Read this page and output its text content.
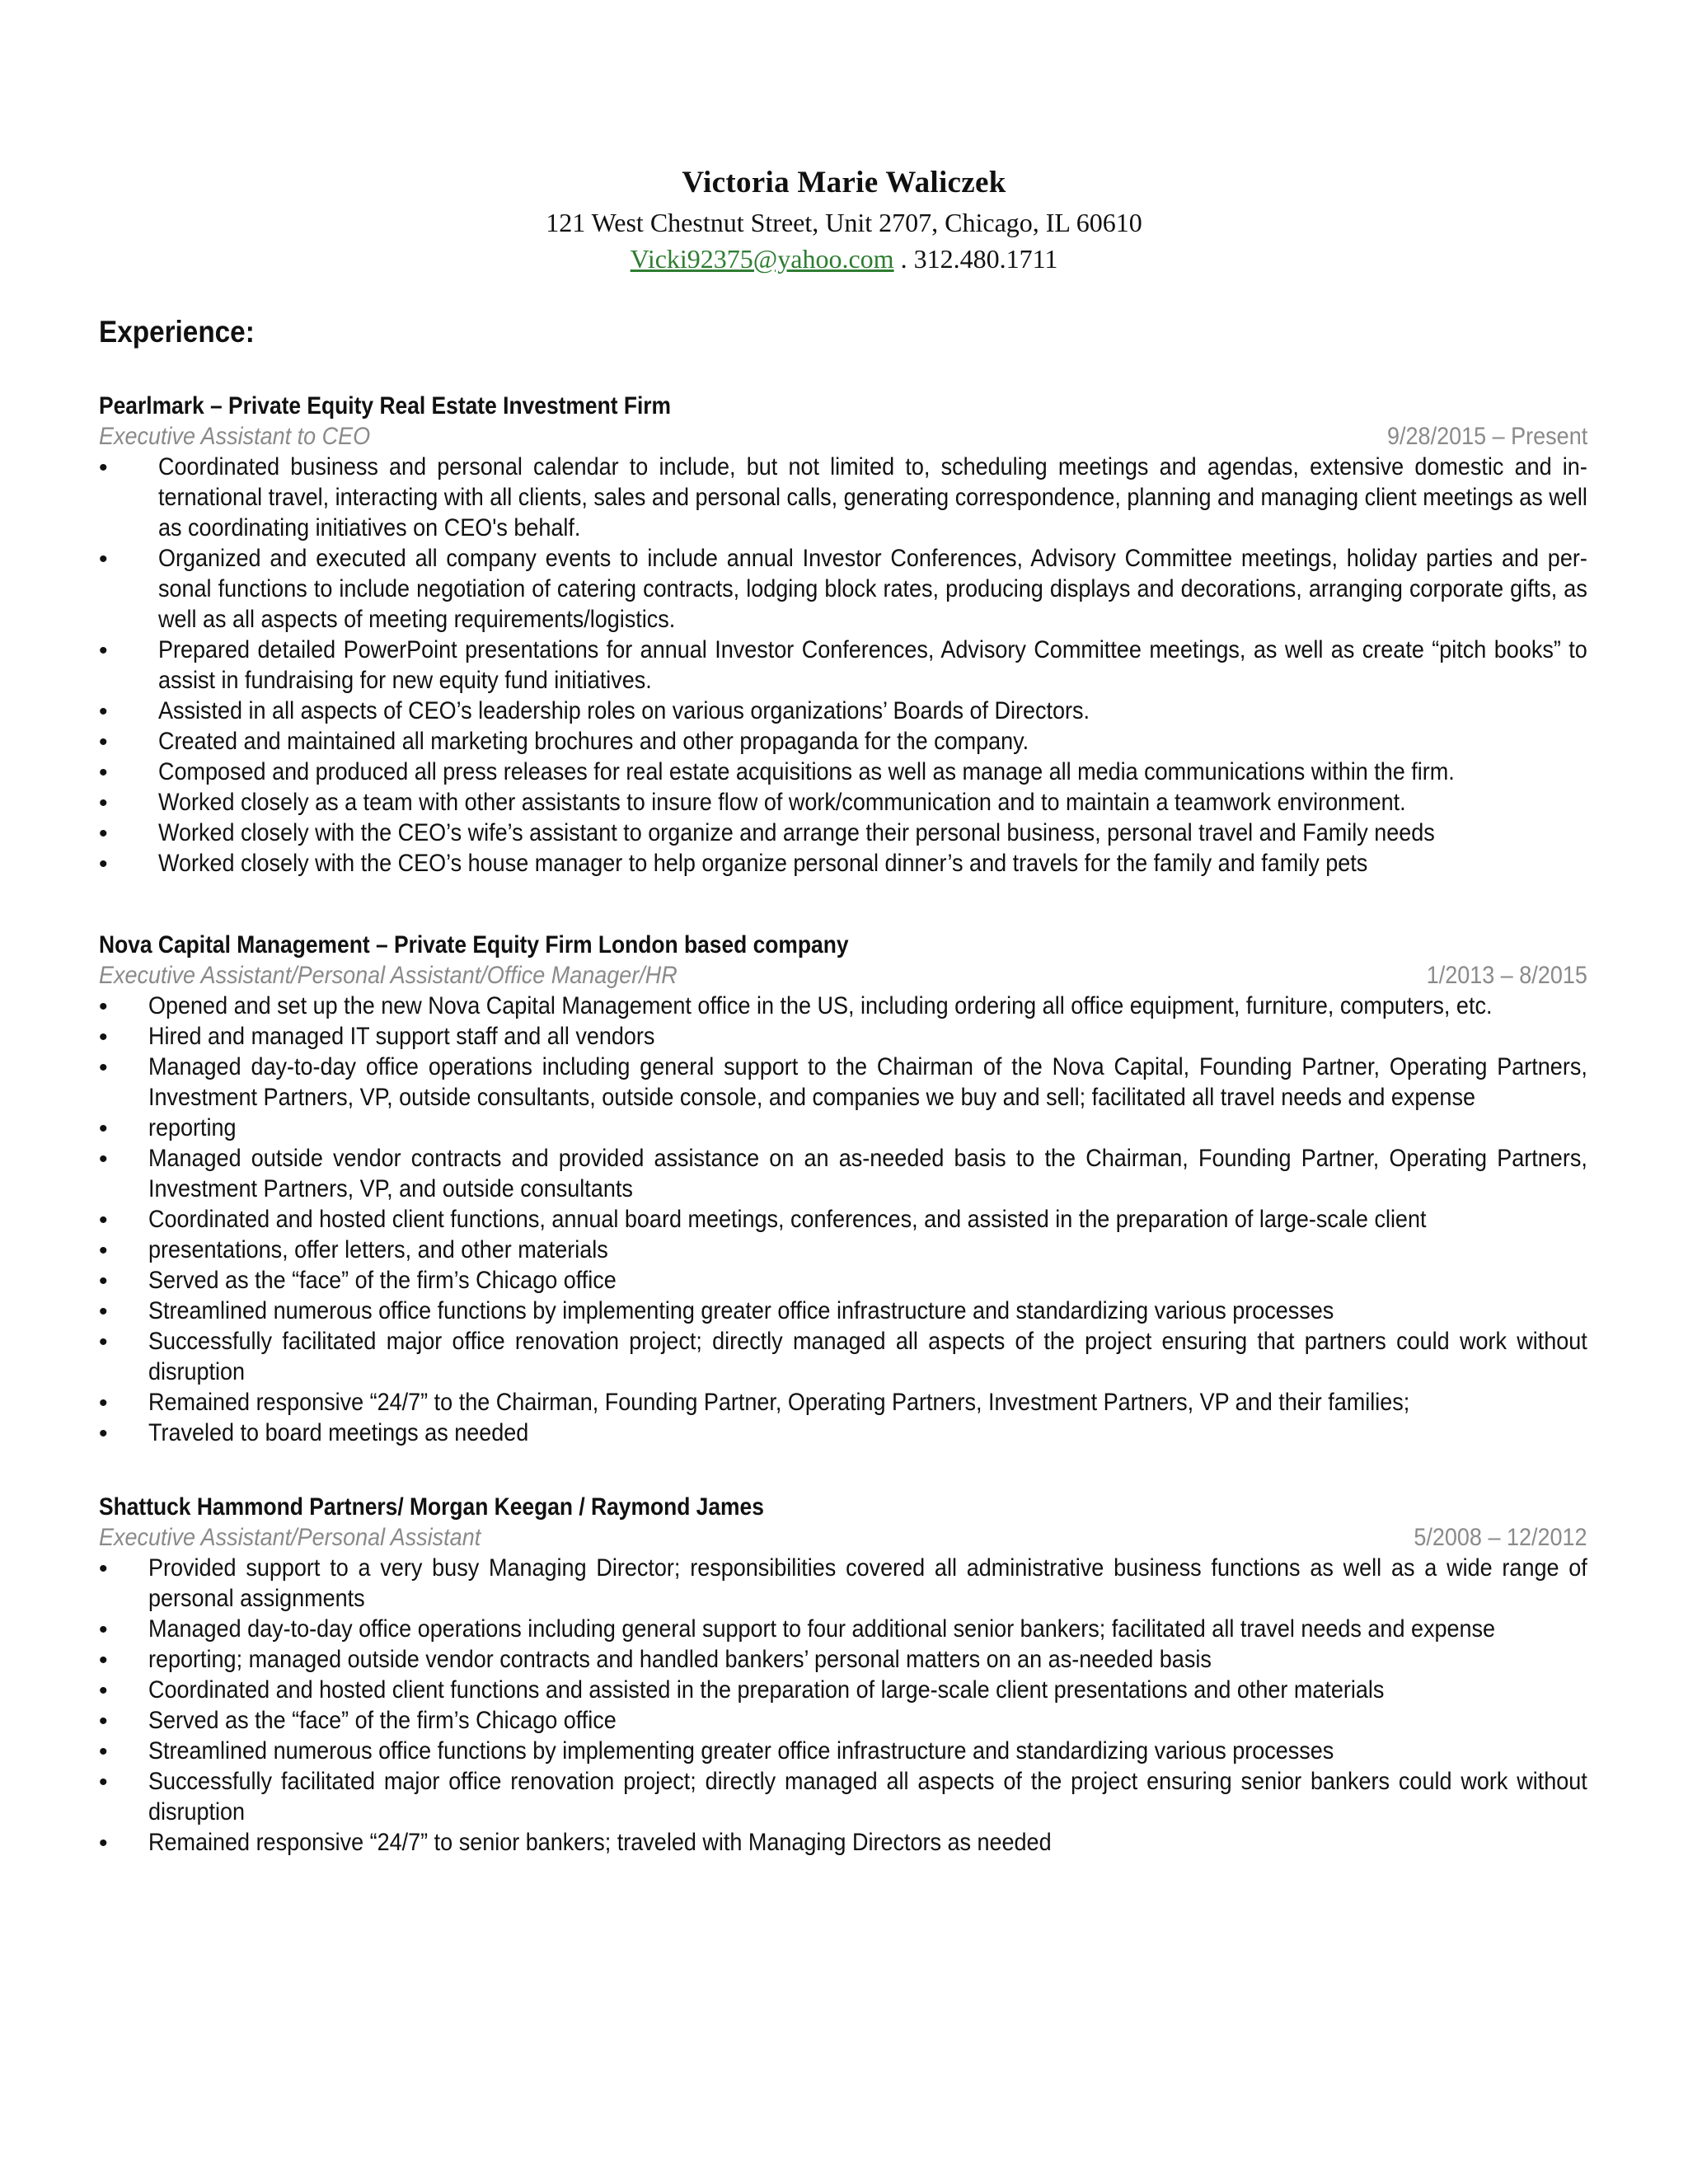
Victoria Marie Waliczek
121 West Chestnut Street, Unit 2707, Chicago, IL 60610
Vicki92375@yahoo.com . 312.480.1711
Experience:
Pearlmark – Private Equity Real Estate Investment Firm
Executive Assistant to CEO	9/28/2015 – Present
• Coordinated business and personal calendar to include, but not limited to, scheduling meetings and agendas, extensive domestic and in-ternational travel, interacting with all clients, sales and personal calls, generating correspondence, planning and managing client meetings as well as coordinating initiatives on CEO's behalf.
• Organized and executed all company events to include annual Investor Conferences, Advisory Committee meetings, holiday parties and per-sonal functions to include negotiation of catering contracts, lodging block rates, producing displays and decorations, arranging corporate gifts, as well as all aspects of meeting requirements/logistics.
• Prepared detailed PowerPoint presentations for annual Investor Conferences, Advisory Committee meetings, as well as create “pitch books” to assist in fundraising for new equity fund initiatives.
• Assisted in all aspects of CEO’s leadership roles on various organizations’ Boards of Directors.
• Created and maintained all marketing brochures and other propaganda for the company.
• Composed and produced all press releases for real estate acquisitions as well as manage all media communications within the firm.
• Worked closely as a team with other assistants to insure flow of work/communication and to maintain a teamwork environment.
• Worked closely with the CEO’s wife’s assistant to organize and arrange their personal business, personal travel and Family needs
• Worked closely with the CEO’s house manager to help organize personal dinner’s and travels for the family and family pets
Nova Capital Management – Private Equity Firm London based company
Executive Assistant/Personal Assistant/Office Manager/HR	1/2013 – 8/2015
• Opened and set up the new Nova Capital Management office in the US, including ordering all office equipment, furniture, computers, etc.
• Hired and managed IT support staff and all vendors
• Managed day-to-day office operations including general support to the Chairman of the Nova Capital, Founding Partner, Operating Partners, Investment Partners, VP, outside consultants, outside console, and companies we buy and sell; facilitated all travel needs and expense
• reporting
• Managed outside vendor contracts and provided assistance on an as-needed basis to the Chairman, Founding Partner, Operating Partners, Investment Partners, VP, and outside consultants
• Coordinated and hosted client functions, annual board meetings, conferences, and assisted in the preparation of large-scale client
• presentations, offer letters, and other materials
• Served as the “face” of the firm’s Chicago office
• Streamlined numerous office functions by implementing greater office infrastructure and standardizing various processes
• Successfully facilitated major office renovation project; directly managed all aspects of the project ensuring that partners could work without disruption
• Remained responsive “24/7” to the Chairman, Founding Partner, Operating Partners, Investment Partners, VP and their families;
• Traveled to board meetings as needed
Shattuck Hammond Partners/ Morgan Keegan / Raymond James
Executive Assistant/Personal Assistant	5/2008 – 12/2012
• Provided support to a very busy Managing Director; responsibilities covered all administrative business functions as well as a wide range of personal assignments
• Managed day-to-day office operations including general support to four additional senior bankers; facilitated all travel needs and expense
• reporting; managed outside vendor contracts and handled bankers’ personal matters on an as-needed basis
• Coordinated and hosted client functions and assisted in the preparation of large-scale client presentations and other materials
• Served as the “face” of the firm’s Chicago office
• Streamlined numerous office functions by implementing greater office infrastructure and standardizing various processes
• Successfully facilitated major office renovation project; directly managed all aspects of the project ensuring senior bankers could work without disruption
• Remained responsive “24/7” to senior bankers; traveled with Managing Directors as needed
